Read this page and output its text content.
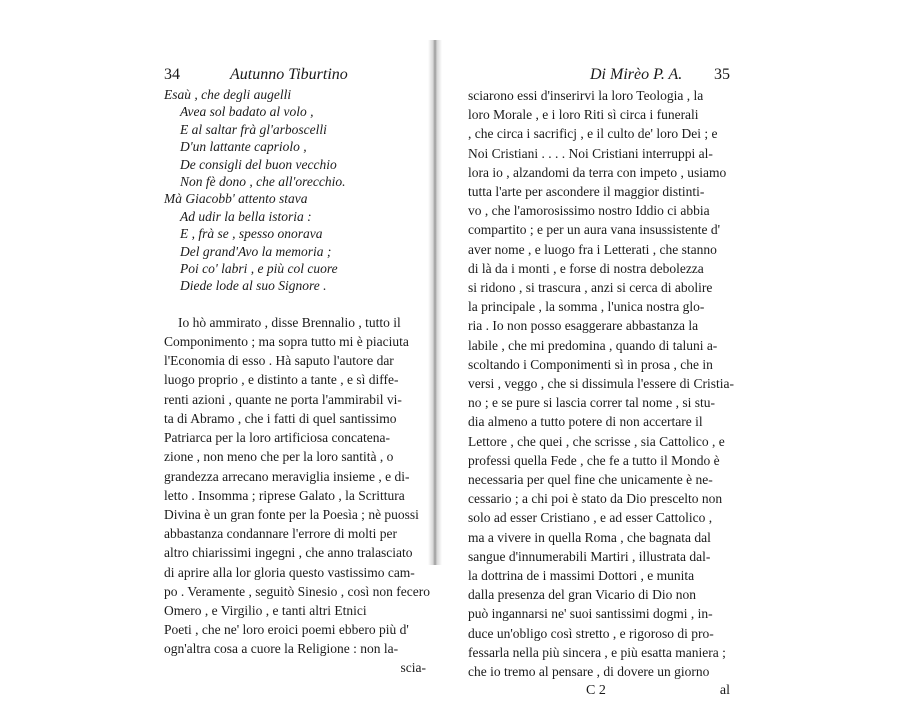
34	Autunno Tiburtino
Esaù , che degli augelli
Avea sol badato al volo ,
E al saltar frà gl'arboscelli
D'un lattante capriolo ,
De consigli del buon vecchio
Non fè dono , che all'orecchio.
Mà Giacobb' attento stava
Ad udir la bella istoria :
E , frà se , spesso onorava
Del grand'Avo la memoria ;
Poi co' labri , e più col cuore
Diede lode al suo Signore .
Io hò ammirato , disse Brennalio , tutto il
Componimento ; ma sopra tutto mi è piaciuta
l'Economia di esso . Hà saputo l'autore dar
luogo proprio , e distinto a tante , e sì diffe-
renti azioni , quante ne porta l'ammirabil vi-
ta di Abramo , che i fatti di quel santissimo
Patriarca per la loro artificiosa concatena-
zione , non meno che per la loro santità , o
grandezza arrecano meraviglia insieme , e di-
letto . Insomma ; riprese Galato , la Scrittura
Divina è un gran fonte per la Poesìa ; nè puossi
abbastanza condannare l'errore di molti per
altro chiarissimi ingegni , che anno tralasciato
di aprire alla lor gloria questo vastissimo cam-
po . Veramente , seguitò Sinesio , così non fecero
Omero , e Virgilio , e tanti altri Etnici
Poeti , che ne' loro eroici poemi ebbero più d'
ogn'altra cosa a cuore la Religione : non la-
scia-
Di Mirèo P. A. 35
sciarono essi d'inserirvi la loro Teologia , la
loro Morale , e i loro Riti sì circa i funerali
, che circa i sacrificj , e il culto de' loro Dei ; e
Noi Cristiani . . . . Noi Cristiani interruppi al-
lora io , alzandomi da terra con impeto , usiamo
tutta l'arte per ascondere il maggior distinti-
vo , che l'amorosissimo nostro Iddio ci abbia
compartito ; e per un aura vana insussistente d'
aver nome , e luogo fra i Letterati , che stanno
di là da i monti , e forse di nostra debolezza
si ridono , si trascura , anzi si cerca di abolire
la principale , la somma , l'unica nostra glo-
ria . Io non posso esaggerare abbastanza la
labile , che mi predomina , quando di taluni a-
scoltando i Componimenti sì in prosa , che in
versi , veggo , che si dissimula l'essere di Cristia-
no ; e se pure si lascia correr tal nome , si stu-
dia almeno a tutto potere di non accertare il
Lettore , che quei , che scrisse , sia Cattolico , e
professi quella Fede , che fe a tutto il Mondo è
necessaria per quel fine che unicamente è ne-
cessario ; a chi poi è stato da Dio prescelto non
solo ad esser Cristiano , e ad esser Cattolico ,
ma a vivere in quella Roma , che bagnata dal
sangue d'innumerabili Martiri , illustrata dal-
la dottrina de i massimi Dottori , e munita
dalla presenza del gran Vicario di Dio non
può ingannarsi ne' suoi santissimi dogmi , in-
duce un'obligo così stretto , e rigoroso di pro-
fessarla nella più sincera , e più esatta maniera ;
che io tremo al pensare , di dovere un giorno
C 2	al
